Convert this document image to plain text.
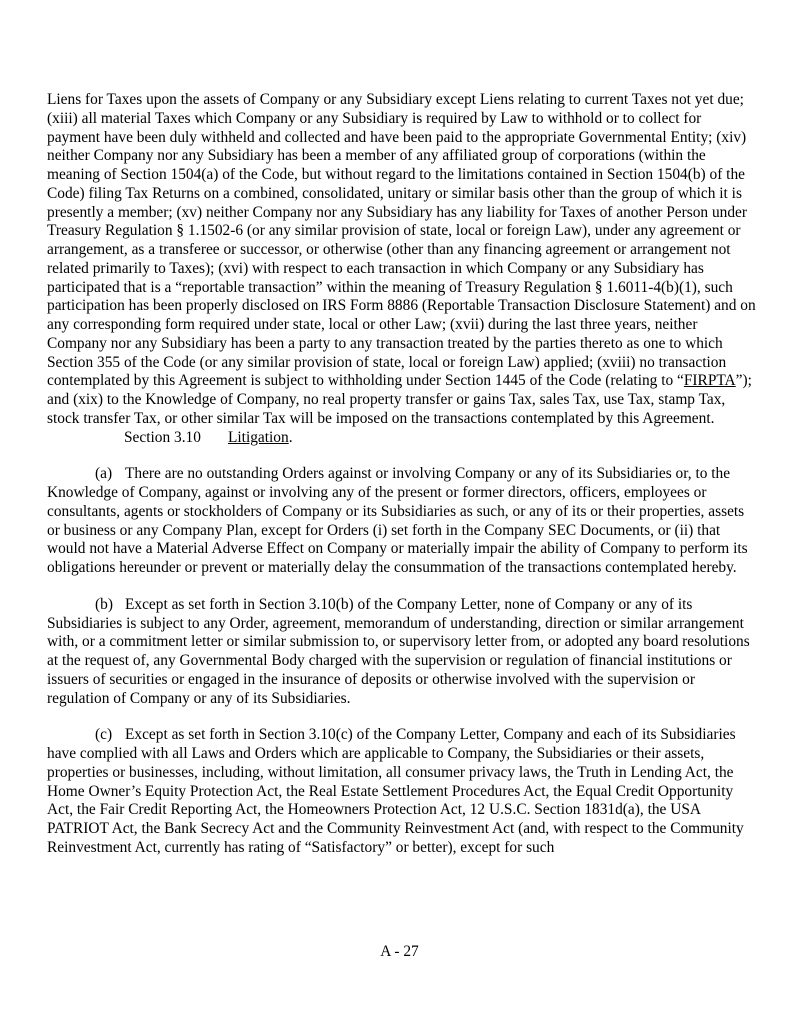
Liens for Taxes upon the assets of Company or any Subsidiary except Liens relating to current Taxes not yet due; (xiii) all material Taxes which Company or any Subsidiary is required by Law to withhold or to collect for payment have been duly withheld and collected and have been paid to the appropriate Governmental Entity; (xiv) neither Company nor any Subsidiary has been a member of any affiliated group of corporations (within the meaning of Section 1504(a) of the Code, but without regard to the limitations contained in Section 1504(b) of the Code) filing Tax Returns on a combined, consolidated, unitary or similar basis other than the group of which it is presently a member; (xv) neither Company nor any Subsidiary has any liability for Taxes of another Person under Treasury Regulation § 1.1502-6 (or any similar provision of state, local or foreign Law), under any agreement or arrangement, as a transferee or successor, or otherwise (other than any financing agreement or arrangement not related primarily to Taxes); (xvi) with respect to each transaction in which Company or any Subsidiary has participated that is a “reportable transaction” within the meaning of Treasury Regulation § 1.6011-4(b)(1), such participation has been properly disclosed on IRS Form 8886 (Reportable Transaction Disclosure Statement) and on any corresponding form required under state, local or other Law; (xvii) during the last three years, neither Company nor any Subsidiary has been a party to any transaction treated by the parties thereto as one to which Section 355 of the Code (or any similar provision of state, local or foreign Law) applied; (xviii) no transaction contemplated by this Agreement is subject to withholding under Section 1445 of the Code (relating to “FIRPTA”); and (xix) to the Knowledge of Company, no real property transfer or gains Tax, sales Tax, use Tax, stamp Tax, stock transfer Tax, or other similar Tax will be imposed on the transactions contemplated by this Agreement.

Section 3.10 Litigation.

(a) There are no outstanding Orders against or involving Company or any of its Subsidiaries or, to the Knowledge of Company, against or involving any of the present or former directors, officers, employees or consultants, agents or stockholders of Company or its Subsidiaries as such, or any of its or their properties, assets or business or any Company Plan, except for Orders (i) set forth in the Company SEC Documents, or (ii) that would not have a Material Adverse Effect on Company or materially impair the ability of Company to perform its obligations hereunder or prevent or materially delay the consummation of the transactions contemplated hereby.

(b) Except as set forth in Section 3.10(b) of the Company Letter, none of Company or any of its Subsidiaries is subject to any Order, agreement, memorandum of understanding, direction or similar arrangement with, or a commitment letter or similar submission to, or supervisory letter from, or adopted any board resolutions at the request of, any Governmental Body charged with the supervision or regulation of financial institutions or issuers of securities or engaged in the insurance of deposits or otherwise involved with the supervision or regulation of Company or any of its Subsidiaries.

(c) Except as set forth in Section 3.10(c) of the Company Letter, Company and each of its Subsidiaries have complied with all Laws and Orders which are applicable to Company, the Subsidiaries or their assets, properties or businesses, including, without limitation, all consumer privacy laws, the Truth in Lending Act, the Home Owner’s Equity Protection Act, the Real Estate Settlement Procedures Act, the Equal Credit Opportunity Act, the Fair Credit Reporting Act, the Homeowners Protection Act, 12 U.S.C. Section 1831d(a), the USA PATRIOT Act, the Bank Secrecy Act and the Community Reinvestment Act (and, with respect to the Community Reinvestment Act, currently has rating of “Satisfactory” or better), except for such

A - 27
